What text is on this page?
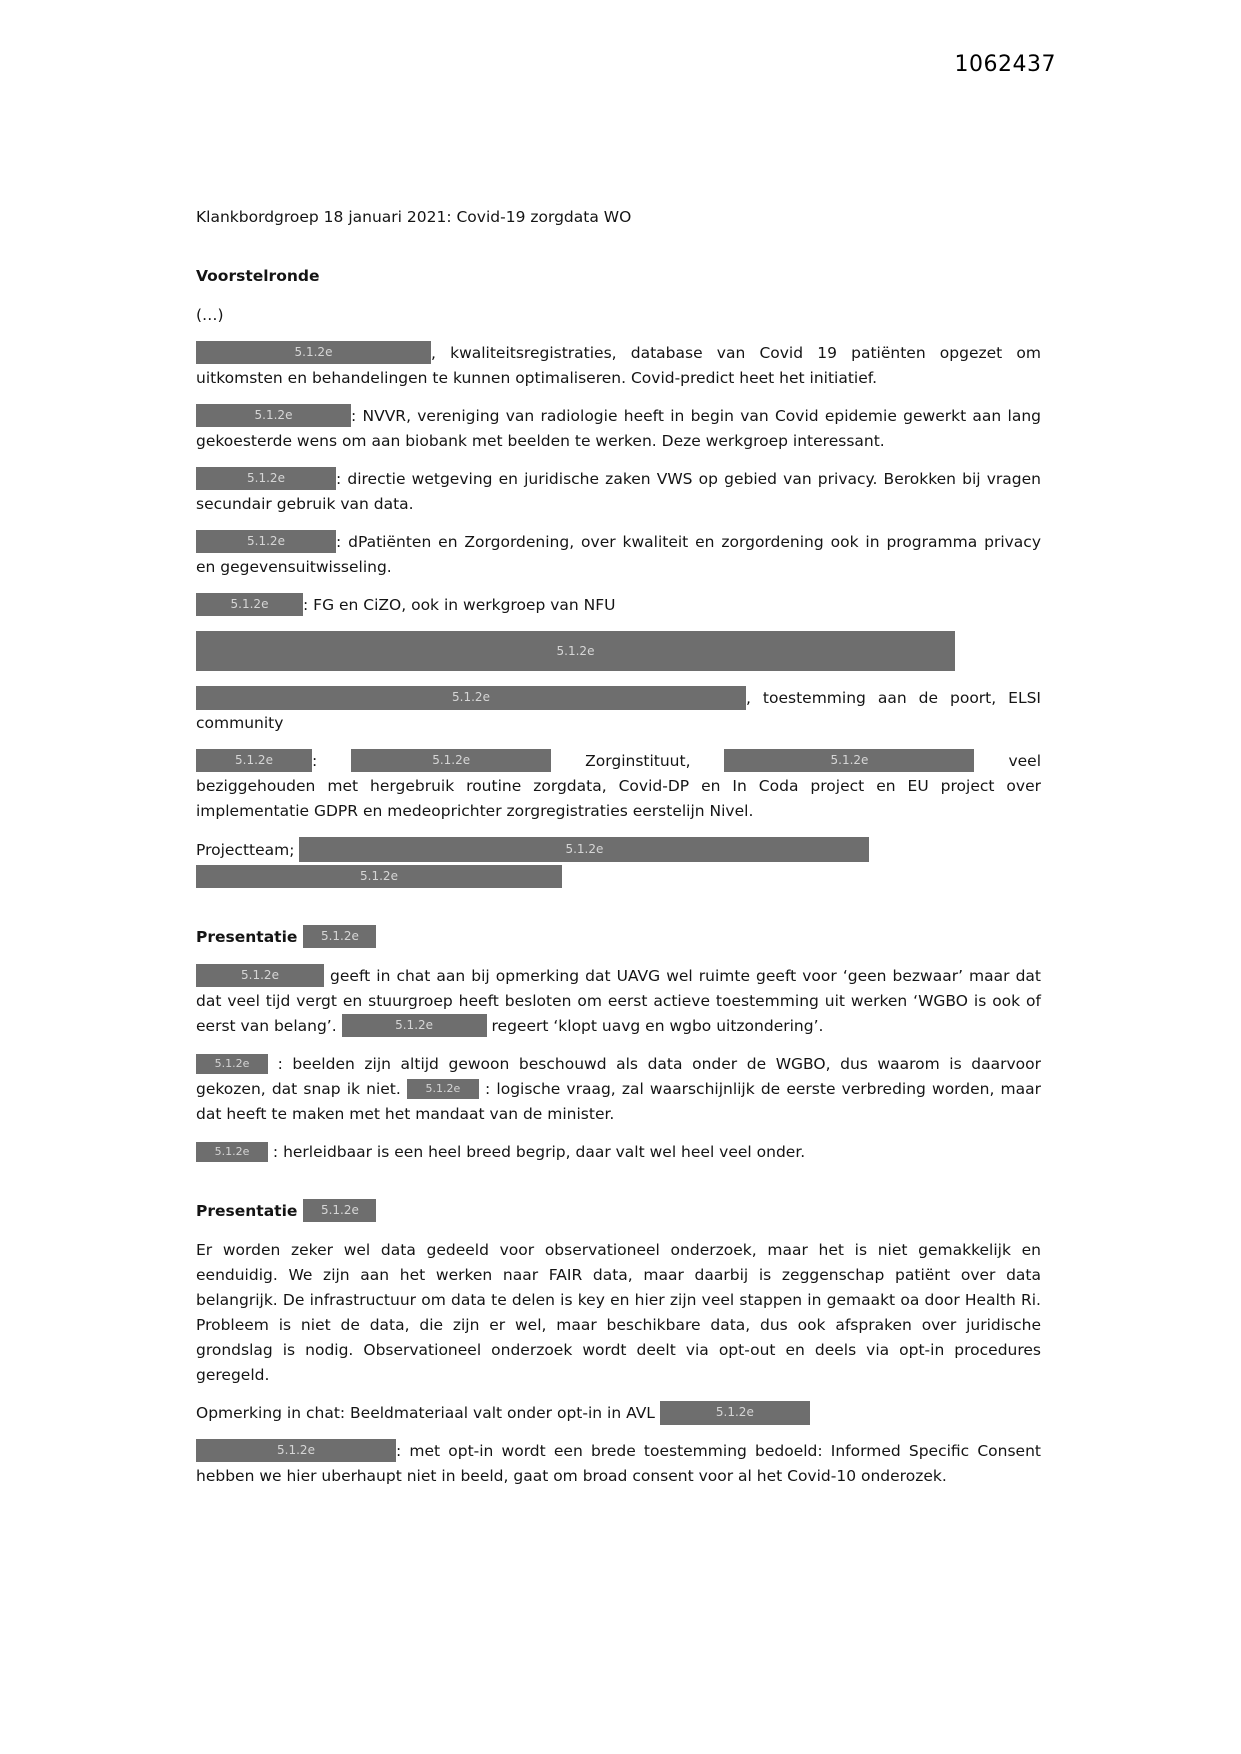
1062437

Klankbordgroep 18 januari 2021: Covid-19 zorgdata WO

Voorstelronde

(…)

5.1.2e	, kwaliteitsregistraties, database van Covid 19 patiënten opgezet om uitkomsten en behandelingen te kunnen optimaliseren. Covid-predict heet het initiatief.

5.1.2e	: NVVR, vereniging van radiologie heeft in begin van Covid epidemie gewerkt aan lang gekoesterde wens om aan biobank met beelden te werken. Deze werkgroep interessant.

5.1.2e	: directie wetgeving en juridische zaken VWS op gebied van privacy. Berokken bij vragen secundair gebruik van data.

5.1.2e	: dPatiënten en Zorgordening, over kwaliteit en zorgordening ook in programma privacy en gegevensuitwisseling.

5.1.2e : FG en CiZO, ook in werkgroep van NFU

5.1.2e

5.1.2e	, toestemming aan de poort, ELSI community

5.1.2e	:	5.1.2e	Zorginstituut,	5.1.2e	veel beziggehouden met hergebruik routine zorgdata, Covid-DP en In Coda project en EU project over implementatie GDPR en medeoprichter zorgregistraties eerstelijn Nivel.

Projectteam;	5.1.2e
5.1.2e

Presentatie 5.1.2e

5.1.2e	geeft in chat aan bij opmerking dat UAVG wel ruimte geeft voor ‘geen bezwaar’ maar dat dat veel tijd vergt en stuurgroep heeft besloten om eerst actieve toestemming uit werken ‘WGBO is ook of eerst van belang’.	5.1.2e	regeert ‘klopt uavg en wgbo uitzondering’.

5.1.2e : beelden zijn altijd gewoon beschouwd als data onder de WGBO, dus waarom is daarvoor gekozen, dat snap ik niet. 5.1.2e : logische vraag, zal waarschijnlijk de eerste verbreding worden, maar dat heeft te maken met het mandaat van de minister.

5.1.2e : herleidbaar is een heel breed begrip, daar valt wel heel veel onder.

Presentatie 5.1.2e

Er worden zeker wel data gedeeld voor observationeel onderzoek, maar het is niet gemakkelijk en eenduidig. We zijn aan het werken naar FAIR data, maar daarbij is zeggenschap patiënt over data belangrijk. De infrastructuur om data te delen is key en hier zijn veel stappen in gemaakt oa door Health Ri. Probleem is niet de data, die zijn er wel, maar beschikbare data, dus ook afspraken over juridische grondslag is nodig. Observationeel onderzoek wordt deelt via opt-out en deels via opt-in procedures geregeld.

Opmerking in chat: Beeldmateriaal valt onder opt-in in AVL	5.1.2e

5.1.2e	: met opt-in wordt een brede toestemming bedoeld: Informed Specific Consent hebben we hier uberhaupt niet in beeld, gaat om broad consent voor al het Covid-10 onderozek.
